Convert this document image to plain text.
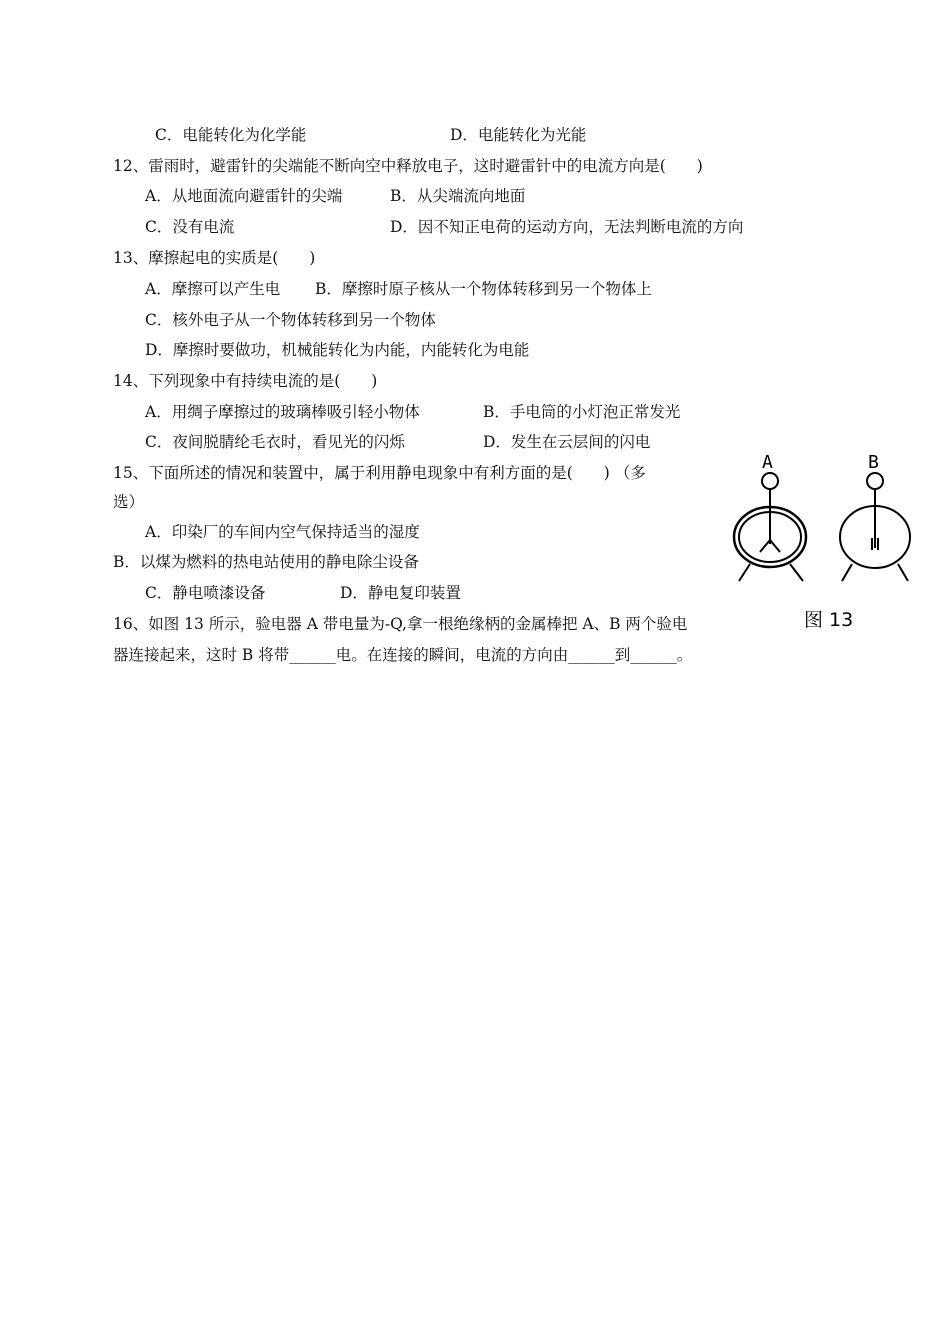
C．电能转化为化学能	D．电能转化为光能
12、雷雨时，避雷针的尖端能不断向空中释放电子，这时避雷针中的电流方向是(　　)
A．从地面流向避雷针的尖端	B．从尖端流向地面
C．没有电流	D．因不知正电荷的运动方向，无法判断电流的方向
13、摩擦起电的实质是(　　)
A．摩擦可以产生电 B．摩擦时原子核从一个物体转移到另一个物体上
C．核外电子从一个物体转移到另一个物体
D．摩擦时要做功，机械能转化为内能，内能转化为电能
14、下列现象中有持续电流的是(　　)
A．用绸子摩擦过的玻璃棒吸引轻小物体	B．手电筒的小灯泡正常发光
C．夜间脱腈纶毛衣时，看见光的闪烁	D．发生在云层间的闪电
15、下面所述的情况和装置中，属于利用静电现象中有利方面的是(　　) （多
选）
A．印染厂的车间内空气保持适当的湿度
B．以煤为燃料的热电站使用的静电除尘设备
C．静电喷漆设备	D．静电复印装置
16、如图 13 所示，验电器 A 带电量为-Q,拿一根绝缘柄的金属棒把 A、B 两个验电
器连接起来，这时 B 将带______电。在连接的瞬间，电流的方向由______到______。
A	B
图 13
